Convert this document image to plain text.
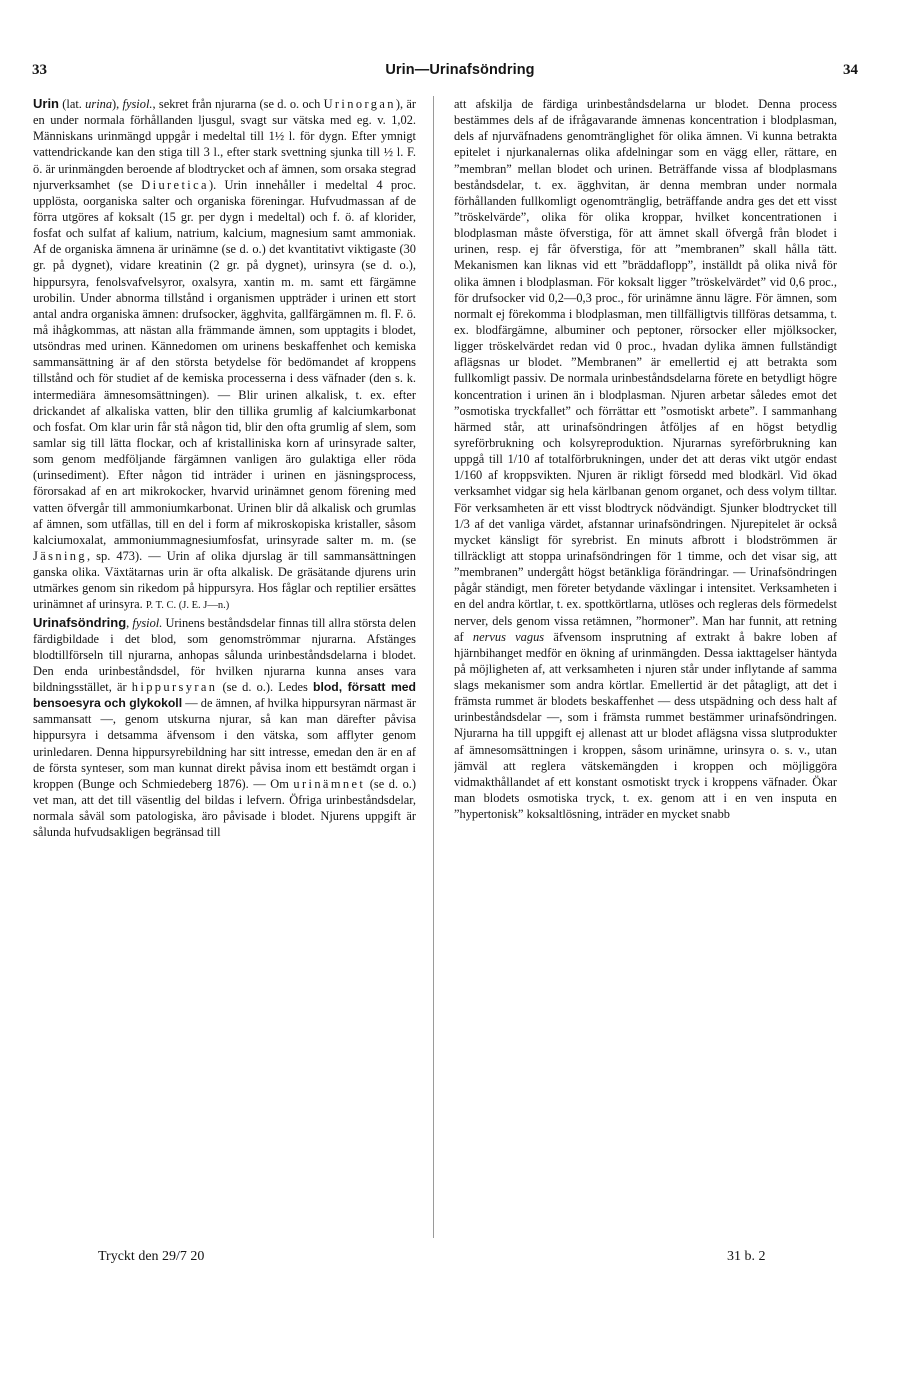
33	Urin—Urinafsöndring	34

Urin (lat. urina), fysiol., sekret från njurarna (se d. o. och Urinorgan), är en under normala förhållanden ljusgul, svagt sur vätska med eg. v. 1,02. Människans urinmängd uppgår i medeltal till 1½ l. för dygn. Efter ymnigt vattendrickande kan den stiga till 3 l., efter stark svettning sjunka till ½ l. F. ö. är urinmängden beroende af blodtrycket och af ämnen, som orsaka stegrad njurverksamhet (se Diuretica). Urin innehåller i medeltal 4 proc. upplösta, oorganiska salter och organiska föreningar. Hufvudmassan af de förra utgöres af koksalt (15 gr. per dygn i medeltal) och f. ö. af klorider, fosfat och sulfat af kalium, natrium, kalcium, magnesium samt ammoniak. Af de organiska ämnena är urinämne (se d. o.) det kvantitativt viktigaste (30 gr. på dygnet), vidare kreatinin (2 gr. på dygnet), urinsyra (se d. o.), hippursyra, fenolsvafvelsyror, oxalsyra, xantin m. m. samt ett färgämne urobilin. Under abnorma tillstånd i organismen uppträder i urinen ett stort antal andra organiska ämnen: drufsocker, ägghvita, gallfärgämnen m. fl. F. ö. må ihågkommas, att nästan alla främmande ämnen, som upptagits i blodet, utsöndras med urinen. Kännedomen om urinens beskaffenhet och kemiska sammansättning är af den största betydelse för bedömandet af kroppens tillstånd och för studiet af de kemiska processerna i dess väfnader (den s. k. intermediära ämnesomsättningen). — Blir urinen alkalisk, t. ex. efter drickandet af alkaliska vatten, blir den tillika grumlig af kalciumkarbonat och fosfat. Om klar urin får stå någon tid, blir den ofta grumlig af slem, som samlar sig till lätta flockar, och af kristalliniska korn af urinsyrade salter, som genom medföljande färgämnen vanligen äro gulaktiga eller röda (urinsediment). Efter någon tid inträder i urinen en jäsningsprocess, förorsakad af en art mikrokocker, hvarvid urinämnet genom förening med vatten öfvergår till ammoniumkarbonat. Urinen blir då alkalisk och grumlas af ämnen, som utfällas, till en del i form af mikroskopiska kristaller, såsom kalciumoxalat, ammoniummagnesiumfosfat, urinsyrade salter m. m. (se Jäsning, sp. 473). — Urin af olika djurslag är till sammansättningen ganska olika. Växtätarnas urin är ofta alkalisk. De gräsätande djurens urin utmärkes genom sin rikedom på hippursyra. Hos fåglar och reptilier ersättes urinämnet af urinsyra. P. T. C. (J. E. J—n.)

Urinafsöndring, fysiol. Urinens beståndsdelar finnas till allra största delen färdigbildade i det blod, som genomströmmar njurarna. Afstänges blodtillförseln till njurarna, anhopas sålunda urinbeståndsdelarna i blodet. Den enda urinbeståndsdel, för hvilken njurarna kunna anses vara bildningsstället, är hippursyran (se d. o.). Ledes blod, försatt med bensoesyra och glykokoll — de ämnen, af hvilka hippursyran närmast är sammansatt —, genom utskurna njurar, så kan man därefter påvisa hippursyra i detsamma äfvensom i den vätska, som afflyter genom urinledaren. Denna hippursyrebildning har sitt intresse, emedan den är en af de första synteser, som man kunnat direkt påvisa inom ett bestämdt organ i kroppen (Bunge och Schmiedeberg 1876). — Om urinämnet (se d. o.) vet man, att det till väsentlig del bildas i lefvern. Öfriga urinbeståndsdelar, normala såväl som patologiska, äro påvisade i blodet. Njurens uppgift är sålunda hufvudsakligen begränsad till

att afskilja de färdiga urinbeståndsdelarna ur blodet. Denna process bestämmes dels af de ifrågavarande ämnenas koncentration i blodplasman, dels af njurväfnadens genomtränglighet för olika ämnen. Vi kunna betrakta epitelet i njurkanalernas olika afdelningar som en vägg eller, rättare, en ”membran” mellan blodet och urinen. Beträffande vissa af blodplasmans beståndsdelar, t. ex. ägghvitan, är denna membran under normala förhållanden fullkomligt ogenomtränglig, beträffande andra ges det ett visst ”tröskelvärde”, olika för olika kroppar, hvilket koncentrationen i blodplasman måste öfverstiga, för att ämnet skall öfvergå från blodet i urinen, resp. ej får öfverstiga, för att ”membranen” skall hålla tätt. Mekanismen kan liknas vid ett ”bräddaflopp”, inställdt på olika nivå för olika ämnen i blodplasman. För koksalt ligger ”tröskelvärdet” vid 0,6 proc., för drufsocker vid 0,2—0,3 proc., för urinämne ännu lägre. För ämnen, som normalt ej förekomma i blodplasman, men tillfälligtvis tillföras detsamma, t. ex. blodfärgämne, albuminer och peptoner, rörsocker eller mjölksocker, ligger tröskelvärdet redan vid 0 proc., hvadan dylika ämnen fullständigt aflägsnas ur blodet. ”Membranen” är emellertid ej att betrakta som fullkomligt passiv. De normala urinbeståndsdelarna förete en betydligt högre koncentration i urinen än i blodplasman. Njuren arbetar således emot det ”osmotiska tryckfallet” och förrättar ett ”osmotiskt arbete”. I sammanhang härmed står, att urinafsöndringen åtföljes af en högst betydlig syreförbrukning och kolsyreproduktion. Njurarnas syreförbrukning kan uppgå till 1/10 af totalförbrukningen, under det att deras vikt utgör endast 1/160 af kroppsvikten. Njuren är rikligt försedd med blodkärl. Vid ökad verksamhet vidgar sig hela kärlbanan genom organet, och dess volym tilltar. För verksamheten är ett visst blodtryck nödvändigt. Sjunker blodtrycket till 1/3 af det vanliga värdet, afstannar urinafsöndringen. Njurepitelet är också mycket känsligt för syrebrist. En minuts afbrott i blodströmmen är tillräckligt att stoppa urinafsöndringen för 1 timme, och det visar sig, att ”membranen” undergått högst betänkliga förändringar. — Urinafsöndringen pågår ständigt, men företer betydande växlingar i intensitet. Verksamheten i en del andra körtlar, t. ex. spottkörtlarna, utlöses och regleras dels förmedelst nerver, dels genom vissa retämnen, ”hormoner”. Man har funnit, att retning af nervus vagus äfvensom insprutning af extrakt å bakre loben af hjärnbihanget medför en ökning af urinmängden. Dessa iakttagelser häntyda på möjligheten af, att verksamheten i njuren står under inflytande af samma slags mekanismer som andra körtlar. Emellertid är det påtagligt, att det i främsta rummet är blodets beskaffenhet — dess utspädning och dess halt af urinbeståndsdelar —, som i främsta rummet bestämmer urinafsöndringen. Njurarna ha till uppgift ej allenast att ur blodet aflägsna vissa slutprodukter af ämnesomsättningen i kroppen, såsom urinämne, urinsyra o. s. v., utan jämväl att reglera vätskemängden i kroppen och möjliggöra vidmakthållandet af ett konstant osmotiskt tryck i kroppens väfnader. Ökar man blodets osmotiska tryck, t. ex. genom att i en ven insputa en ”hypertonisk” koksaltlösning, inträder en mycket snabb

Tryckt den 29/7 20	31 b. 2
